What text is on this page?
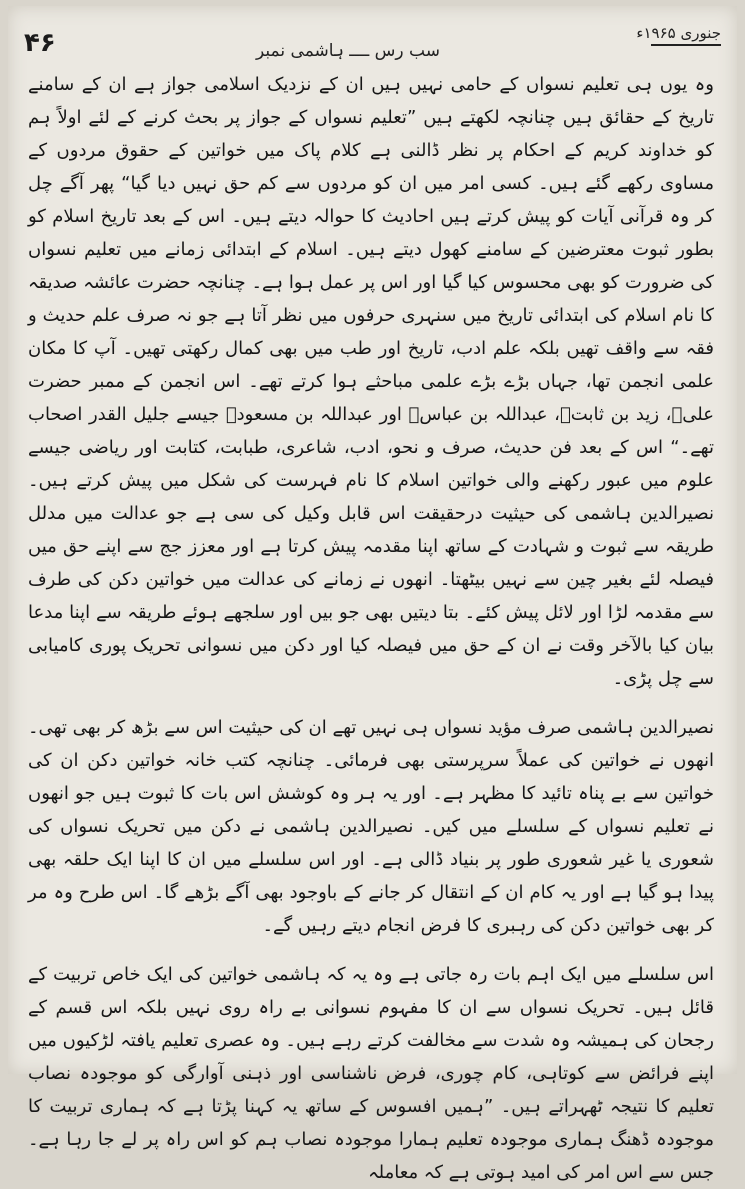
۴۶	سب رس ــــ ہاشمی نمبر
جنوری ۱۹۶۵ء

وہ یوں ہی تعلیم نسواں کے حامی نہیں ہیں ان کے نزدیک اسلامی جواز ہے ان کے سامنے تاریخ کے حقائق ہیں چنانچہ لکھتے ہیں ”تعلیم نسواں کے جواز پر بحث کرنے کے لئے اولاً ہم کو خداوند کریم کے احکام پر نظر ڈالنی ہے کلام پاک میں خواتین کے حقوق مردوں کے مساوی رکھے گئے ہیں۔ کسی امر میں ان کو مردوں سے کم حق نہیں دیا گیا“ پھر آگے چل کر وہ قرآنی آیات کو پیش کرتے ہیں احادیث کا حوالہ دیتے ہیں۔ اس کے بعد تاریخ اسلام کو بطور ثبوت معترضین کے سامنے کھول دیتے ہیں۔ اسلام کے ابتدائی زمانے میں تعلیم نسواں کی ضرورت کو بھی محسوس کیا گیا اور اس پر عمل ہوا ہے۔ چنانچہ حضرت عائشہ صدیقہ کا نام اسلام کی ابتدائی تاریخ میں سنہری حرفوں میں نظر آتا ہے جو نہ صرف علم حدیث و فقہ سے واقف تھیں بلکہ علم ادب، تاریخ اور طب میں بھی کمال رکھتی تھیں۔ آپ کا مکان علمی انجمن تھا، جہاں بڑے بڑے علمی مباحثے ہوا کرتے تھے۔ اس انجمن کے ممبر حضرت علیؓ، زید بن ثابتؓ، عبداللہ بن عباسؓ اور عبداللہ بن مسعودؓ جیسے جلیل القدر اصحاب تھے۔“ اس کے بعد فن حدیث، صرف و نحو، ادب، شاعری، طبابت، کتابت اور ریاضی جیسے علوم میں عبور رکھنے والی خواتین اسلام کا نام فہرست کی شکل میں پیش کرتے ہیں۔ نصیرالدین ہاشمی کی حیثیت درحقیقت اس قابل وکیل کی سی ہے جو عدالت میں مدلل طریقہ سے ثبوت و شہادت کے ساتھ اپنا مقدمہ پیش کرتا ہے اور معزز جج سے اپنے حق میں فیصلہ لئے بغیر چین سے نہیں بیٹھتا۔ انھوں نے زمانے کی عدالت میں خواتین دکن کی طرف سے مقدمہ لڑا اور لائل پیش کئے۔ بتا دیتیں بھی جو بیں اور سلجھے ہوئے طریقہ سے اپنا مدعا بیان کیا بالآخر وقت نے ان کے حق میں فیصلہ کیا اور دکن میں نسوانی تحریک پوری کامیابی سے چل پڑی۔

نصیرالدین ہاشمی صرف مؤید نسواں ہی نہیں تھے ان کی حیثیت اس سے بڑھ کر بھی تھی۔ انھوں نے خواتین کی عملاً سرپرستی بھی فرمائی۔ چنانچہ کتب خانہ خواتین دکن ان کی خواتین سے بے پناہ تائید کا مظہر ہے۔ اور یہ ہر وہ کوشش اس بات کا ثبوت ہیں جو انھوں نے تعلیم نسواں کے سلسلے میں کیں۔ نصیرالدین ہاشمی نے دکن میں تحریک نسواں کی شعوری یا غیر شعوری طور پر بنیاد ڈالی ہے۔ اور اس سلسلے میں ان کا اپنا ایک حلقہ بھی پیدا ہو گیا ہے اور یہ کام ان کے انتقال کر جانے کے باوجود بھی آگے بڑھے گا۔ اس طرح وہ مر کر بھی خواتین دکن کی رہبری کا فرض انجام دیتے رہیں گے۔

اس سلسلے میں ایک اہم بات رہ جاتی ہے وہ یہ کہ ہاشمی خواتین کی ایک خاص تربیت کے قائل ہیں۔ تحریک نسواں سے ان کا مفہوم نسوانی بے راہ روی نہیں بلکہ اس قسم کے رجحان کی ہمیشہ وہ شدت سے مخالفت کرتے رہے ہیں۔ وہ عصری تعلیم یافتہ لڑکیوں میں اپنے فرائض سے کوتاہی، کام چوری، فرض ناشناسی اور ذہنی آوارگی کو موجودہ نصاب تعلیم کا نتیجہ ٹھہراتے ہیں۔ ”ہمیں افسوس کے ساتھ یہ کہنا پڑتا ہے کہ ہماری تربیت کا موجودہ ڈھنگ ہماری موجودہ تعلیم ہمارا موجودہ نصاب ہم کو اس راہ پر لے جا رہا ہے۔ جس سے اس امر کی امید ہوتی ہے کہ معاملہ
